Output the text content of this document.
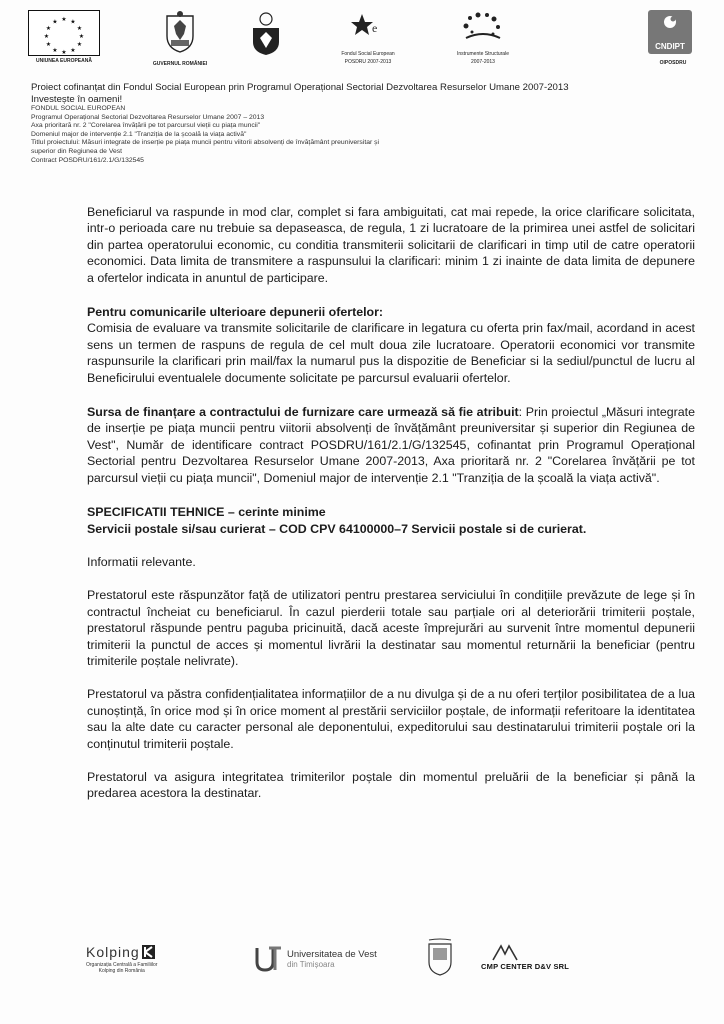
★ ★
★
★
★
★
★
★
★
★
★
★
UNIUNEA EUROPEANĂ	GUVERNUL ROMÂNIEI
e
Fondul Social European
POSDRU 2007-2013
Instrumente Structurale
2007-2013
CNDIPT
OIPOSDRU
Proiect cofinanțat din Fondul Social European prin Programul Operațional Sectorial Dezvoltarea Resurselor Umane 2007-2013
Investește în oameni!
FONDUL SOCIAL EUROPEAN
Programul Operațional Sectorial Dezvoltarea Resurselor Umane 2007 – 2013
Axa prioritară nr. 2 "Corelarea învățării pe tot parcursul vieții cu piața muncii"
Domeniul major de intervenție 2.1 "Tranziția de la școală la viața activă"
Titlul proiectului: Măsuri integrate de inserție pe piața muncii pentru viitorii absolvenți de învățământ preuniversitar și
superior din Regiunea de Vest
Contract POSDRU/161/2.1/G/132545

Beneficiarul va raspunde in mod clar, complet si fara ambiguitati, cat mai repede, la orice clarificare solicitata, intr-o perioada care nu trebuie sa depaseasca, de regula, 1 zi lucratoare de la primirea unei astfel de solicitari din partea operatorului economic, cu conditia transmiterii solicitarii de clarificari in timp util de catre operatorii economici. Data limita de transmitere a raspunsului la clarificari: minim 1 zi inainte de data limita de depunere a ofertelor indicata in anuntul de participare.

Pentru comunicarile ulterioare depunerii ofertelor:

Comisia de evaluare va transmite solicitarile de clarificare in legatura cu oferta prin fax/mail, acordand in acest sens un termen de raspuns de regula de cel mult doua zile lucratoare. Operatorii economici vor transmite raspunsurile la clarificari prin mail/fax la numarul pus la dispozitie de Beneficiar si la sediul/punctul de lucru al Beneficirului eventualele documente solicitate pe parcursul evaluarii ofertelor.

Sursa de finanțare a contractului de furnizare care urmează să fie atribuit: Prin proiectul „Măsuri integrate de inserție pe piața muncii pentru viitorii absolvenți de învățământ preuniversitar și superior din Regiunea de Vest", Număr de identificare contract POSDRU/161/2.1/G/132545, cofinantat prin Programul Operațional Sectorial pentru Dezvoltarea Resurselor Umane 2007-2013, Axa prioritară nr. 2 "Corelarea învățării pe tot parcursul vieții cu piața muncii", Domeniul major de intervenție 2.1 "Tranziția de la școală la viața activă".

SPECIFICATII TEHNICE – cerinte minime

Servicii postale si/sau curierat – COD CPV 64100000–7 Servicii postale si de curierat.

Informatii relevante.

Prestatorul este răspunzător față de utilizatori pentru prestarea serviciului în condițiile prevăzute de lege și în contractul încheiat cu beneficiarul. În cazul pierderii totale sau parțiale ori al deteriorării trimiterii poștale, prestatorul răspunde pentru paguba pricinuită, dacă aceste împrejurări au survenit între momentul depunerii trimiterii la punctul de acces și momentul livrării la destinatar sau momentul returnării la beneficiar (pentru trimiterile poștale nelivrate).

Prestatorul va păstra confidențialitatea informațiilor de a nu divulga și de a nu oferi terților posibilitatea de a lua cunoștință, în orice mod și în orice moment al prestării serviciilor poștale, de informații referitoare la identitatea sau la alte date cu caracter personal ale deponentului, expeditorului sau destinatarului trimiterii poștale ori la conținutul trimiterii poștale.

Prestatorul va asigura integritatea trimiterilor poștale din momentul preluării de la beneficiar și până la predarea acestora la destinatar.

Kolping
Organizația Centrală a Familiilor
Kolping din România
Universitatea de Vest
din Timișoara	CMP CENTER D&V SRL
